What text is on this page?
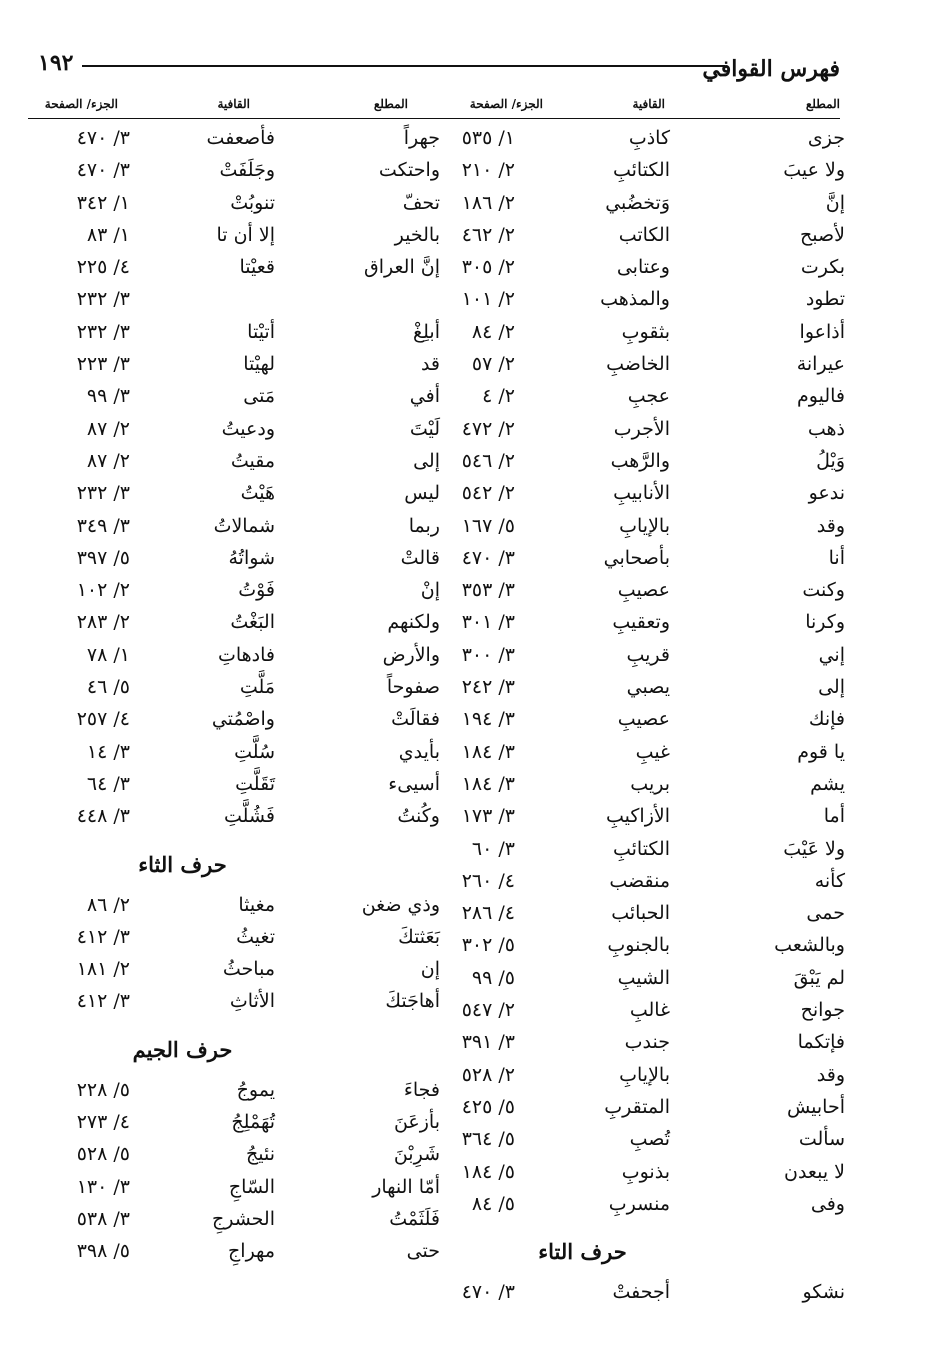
فهرس القوافي
١٩٢
المطلع
القافية
الجزء/ الصفحة
المطلع
القافية
الجزء/ الصفحة
جزى
كاذبِ
١/ ٥٣٥
ولا عيبَ
الكتائبِ
٢/ ٢١٠
إنَّ
وَتخضُبي
٢/ ١٨٦
لأصبح
الكاتب
٢/ ٤٦٢
بكرت
وعتابى
٢/ ٣٠٥
تطود
والمذهب
٢/ ١٠١
أذاعوا
بثقوبِ
٢/ ٨٤
عيرانة
الخاضبِ
٢/ ٥٧
فاليوم
عجبِ
٢/ ٤
ذهب
الأجرب
٢/ ٤٧٢
وَيْلُ
والرَّهب
٢/ ٥٤٦
ندعو
الأنابيبِ
٢/ ٥٤٢
وقد
بالإيابِ
٥/ ١٦٧
أنا
بأصحابي
٣/ ٤٧٠
وكنت
عصيبِ
٣/ ٣٥٣
وكرنا
وتعقيبِ
٣/ ٣٠١
إني
قريبِ
٣/ ٣٠٠
إلى
يصبي
٣/ ٢٤٢
فإنك
عصيبِ
٣/ ١٩٤
يا قوم
غيبِ
٣/ ١٨٤
يشم
بريب
٣/ ١٨٤
أما
الأزاكيبِ
٣/ ١٧٣
ولا عَيْبَ
الكتائبِ
٣/ ٦٠
كأنه
منقضب
٤/ ٢٦٠
حمى
الحبائب
٤/ ٢٨٦
وبالشعب
بالجنوبِ
٥/ ٣٠٢
لم يَبْقَ
الشيبِ
٥/ ٩٩
جوانح
غالبِ
٢/ ٥٤٧
فإتكما
جندب
٣/ ٣٩١
وقد
بالإيابِ
٢/ ٥٢٨
أحابيش
المتقربِ
٥/ ٤٢٥
سألت
تُصبِ
٥/ ٣٦٤
لا يبعدن
بذنوبِ
٥/ ١٨٤
وفى
منسربِ
٥/ ٨٤
حرف التاء
نشكو
أجحفتْ
٣/ ٤٧٠
جهراً
فأصعفت
٣/ ٤٧٠
واحتكت
وجَلَفَتْ
٣/ ٤٧٠
تحفّ
تنوبُتْ
١/ ٣٤٢
بالخير
إلا أن تا
١/ ٨٣
إنَّ العراق
قعيْتا
٤/ ٢٢٥
٣/ ٢٣٢
أبلِغْ
أتيْتا
٣/ ٢٣٢
قد
لهيْتا
٣/ ٢٢٣
أفي
مَتى
٣/ ٩٩
لَيْتَ
ودعيتُ
٢/ ٨٧
إلى
مقيتُ
٢/ ٨٧
ليس
هَيْتُ
٣/ ٢٣٢
ربما
شمالاتُ
٣/ ٣٤٩
قالتْ
شواتُهُ
٥/ ٣٩٧
إنْ
فَوْتُ
٢/ ١٠٢
ولكنهم
البَغْتُ
٢/ ٢٨٣
والأرض
فادهاتِ
١/ ٧٨
صفوحاً
مَلَّتِ
٥/ ٤٦
فقالَتْ
واصْمُتي
٤/ ٢٥٧
بأيدي
سُلَّتِ
٣/ ١٤
أسيىء
تَقَلَّتِ
٣/ ٦٤
وكُنتُ
فَشُلَّتِ
٣/ ٤٤٨
حرف الثاء
وذي ضغن
مغيثا
٢/ ٨٦
بَعَثتكَ
تغيثُ
٣/ ٤١٢
إن
مباحثُ
٢/ ١٨١
أهاجَتكَ
الأثاثِ
٣/ ٤١٢
حرف الجيم
فجاءَ
يموجُ
٥/ ٢٢٨
بأزعَنَ
تُهَمْلِجُ
٤/ ٢٧٣
شَرِبْنَ
نئيجُ
٥/ ٥٢٨
أمّا النهار
السّاجِ
٣/ ١٣٠
فَلَثَمْتُ
الحشرجِ
٣/ ٥٣٨
حتى
مهراجِ
٥/ ٣٩٨
